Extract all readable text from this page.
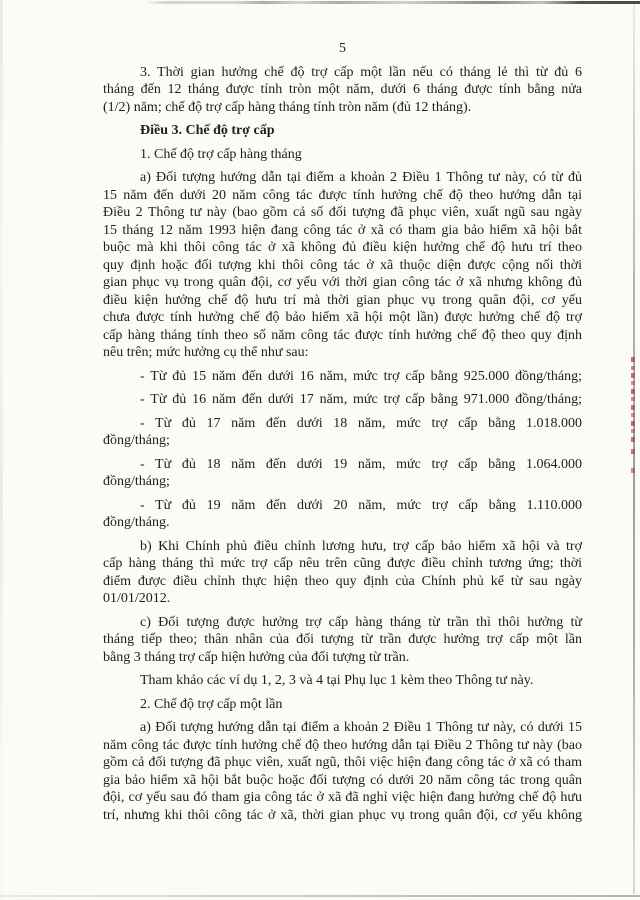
5
3. Thời gian hưởng chế độ trợ cấp một lần nếu có tháng lẻ thì từ đủ 6
tháng đến 12 tháng được tính tròn một năm, dưới 6 tháng được tính bằng nửa
(1/2) năm; chế độ trợ cấp hàng tháng tính tròn năm (đủ 12 tháng).
Điều 3. Chế độ trợ cấp
1. Chế độ trợ cấp hàng tháng
a) Đối tượng hướng dẫn tại điểm a khoản 2 Điều 1 Thông tư này, có từ đủ
15 năm đến dưới 20 năm công tác được tính hưởng chế độ theo hướng dẫn tại
Điều 2 Thông tư này (bao gồm cả số đối tượng đã phục viên, xuất ngũ sau ngày
15 tháng 12 năm 1993 hiện đang công tác ở xã có tham gia bảo hiểm xã hội bắt
buộc mà khi thôi công tác ở xã không đủ điều kiện hưởng chế độ hưu trí theo
quy định hoặc đối tượng khi thôi công tác ở xã thuộc diện được cộng nối thời
gian phục vụ trong quân đội, cơ yếu với thời gian công tác ở xã nhưng không đủ
điều kiện hưởng chế độ hưu trí mà thời gian phục vụ trong quân đội, cơ yếu
chưa được tính hưởng chế độ bảo hiểm xã hội một lần) được hưởng chế độ trợ
cấp hàng tháng tính theo số năm công tác được tính hưởng chế độ theo quy định
nêu trên; mức hưởng cụ thể như sau:
- Từ đủ 15 năm đến dưới 16 năm, mức trợ cấp bằng 925.000 đồng/tháng;
- Từ đủ 16 năm đến dưới 17 năm, mức trợ cấp bằng 971.000 đồng/tháng;
- Từ đủ 17 năm đến dưới 18 năm, mức trợ cấp bằng 1.018.000
đồng/tháng;
- Từ đủ 18 năm đến dưới 19 năm, mức trợ cấp bằng 1.064.000
đồng/tháng;
- Từ đủ 19 năm đến dưới 20 năm, mức trợ cấp bằng 1.110.000
đồng/tháng.
b) Khi Chính phủ điều chỉnh lương hưu, trợ cấp bảo hiểm xã hội và trợ
cấp hàng tháng thì mức trợ cấp nêu trên cũng được điều chỉnh tương ứng; thời
điểm được điều chỉnh thực hiện theo quy định của Chính phủ kể từ sau ngày
01/01/2012.
c) Đối tượng được hưởng trợ cấp hàng tháng từ trần thì thôi hưởng từ
tháng tiếp theo; thân nhân của đối tượng từ trần được hưởng trợ cấp một lần
bằng 3 tháng trợ cấp hiện hưởng của đối tượng từ trần.
Tham khảo các ví dụ 1, 2, 3 và 4 tại Phụ lục 1 kèm theo Thông tư này.
2. Chế độ trợ cấp một lần
a) Đối tượng hướng dẫn tại điểm a khoản 2 Điều 1 Thông tư này, có dưới 15
năm công tác được tính hưởng chế độ theo hướng dẫn tại Điều 2 Thông tư này (bao
gồm cả đối tượng đã phục viên, xuất ngũ, thôi việc hiện đang công tác ở xã có tham
gia bảo hiểm xã hội bắt buộc hoặc đối tượng có dưới 20 năm công tác trong quân
đội, cơ yếu sau đó tham gia công tác ở xã đã nghỉ việc hiện đang hưởng chế độ hưu
trí, nhưng khi thôi công tác ở xã, thời gian phục vụ trong quân đội, cơ yếu không
